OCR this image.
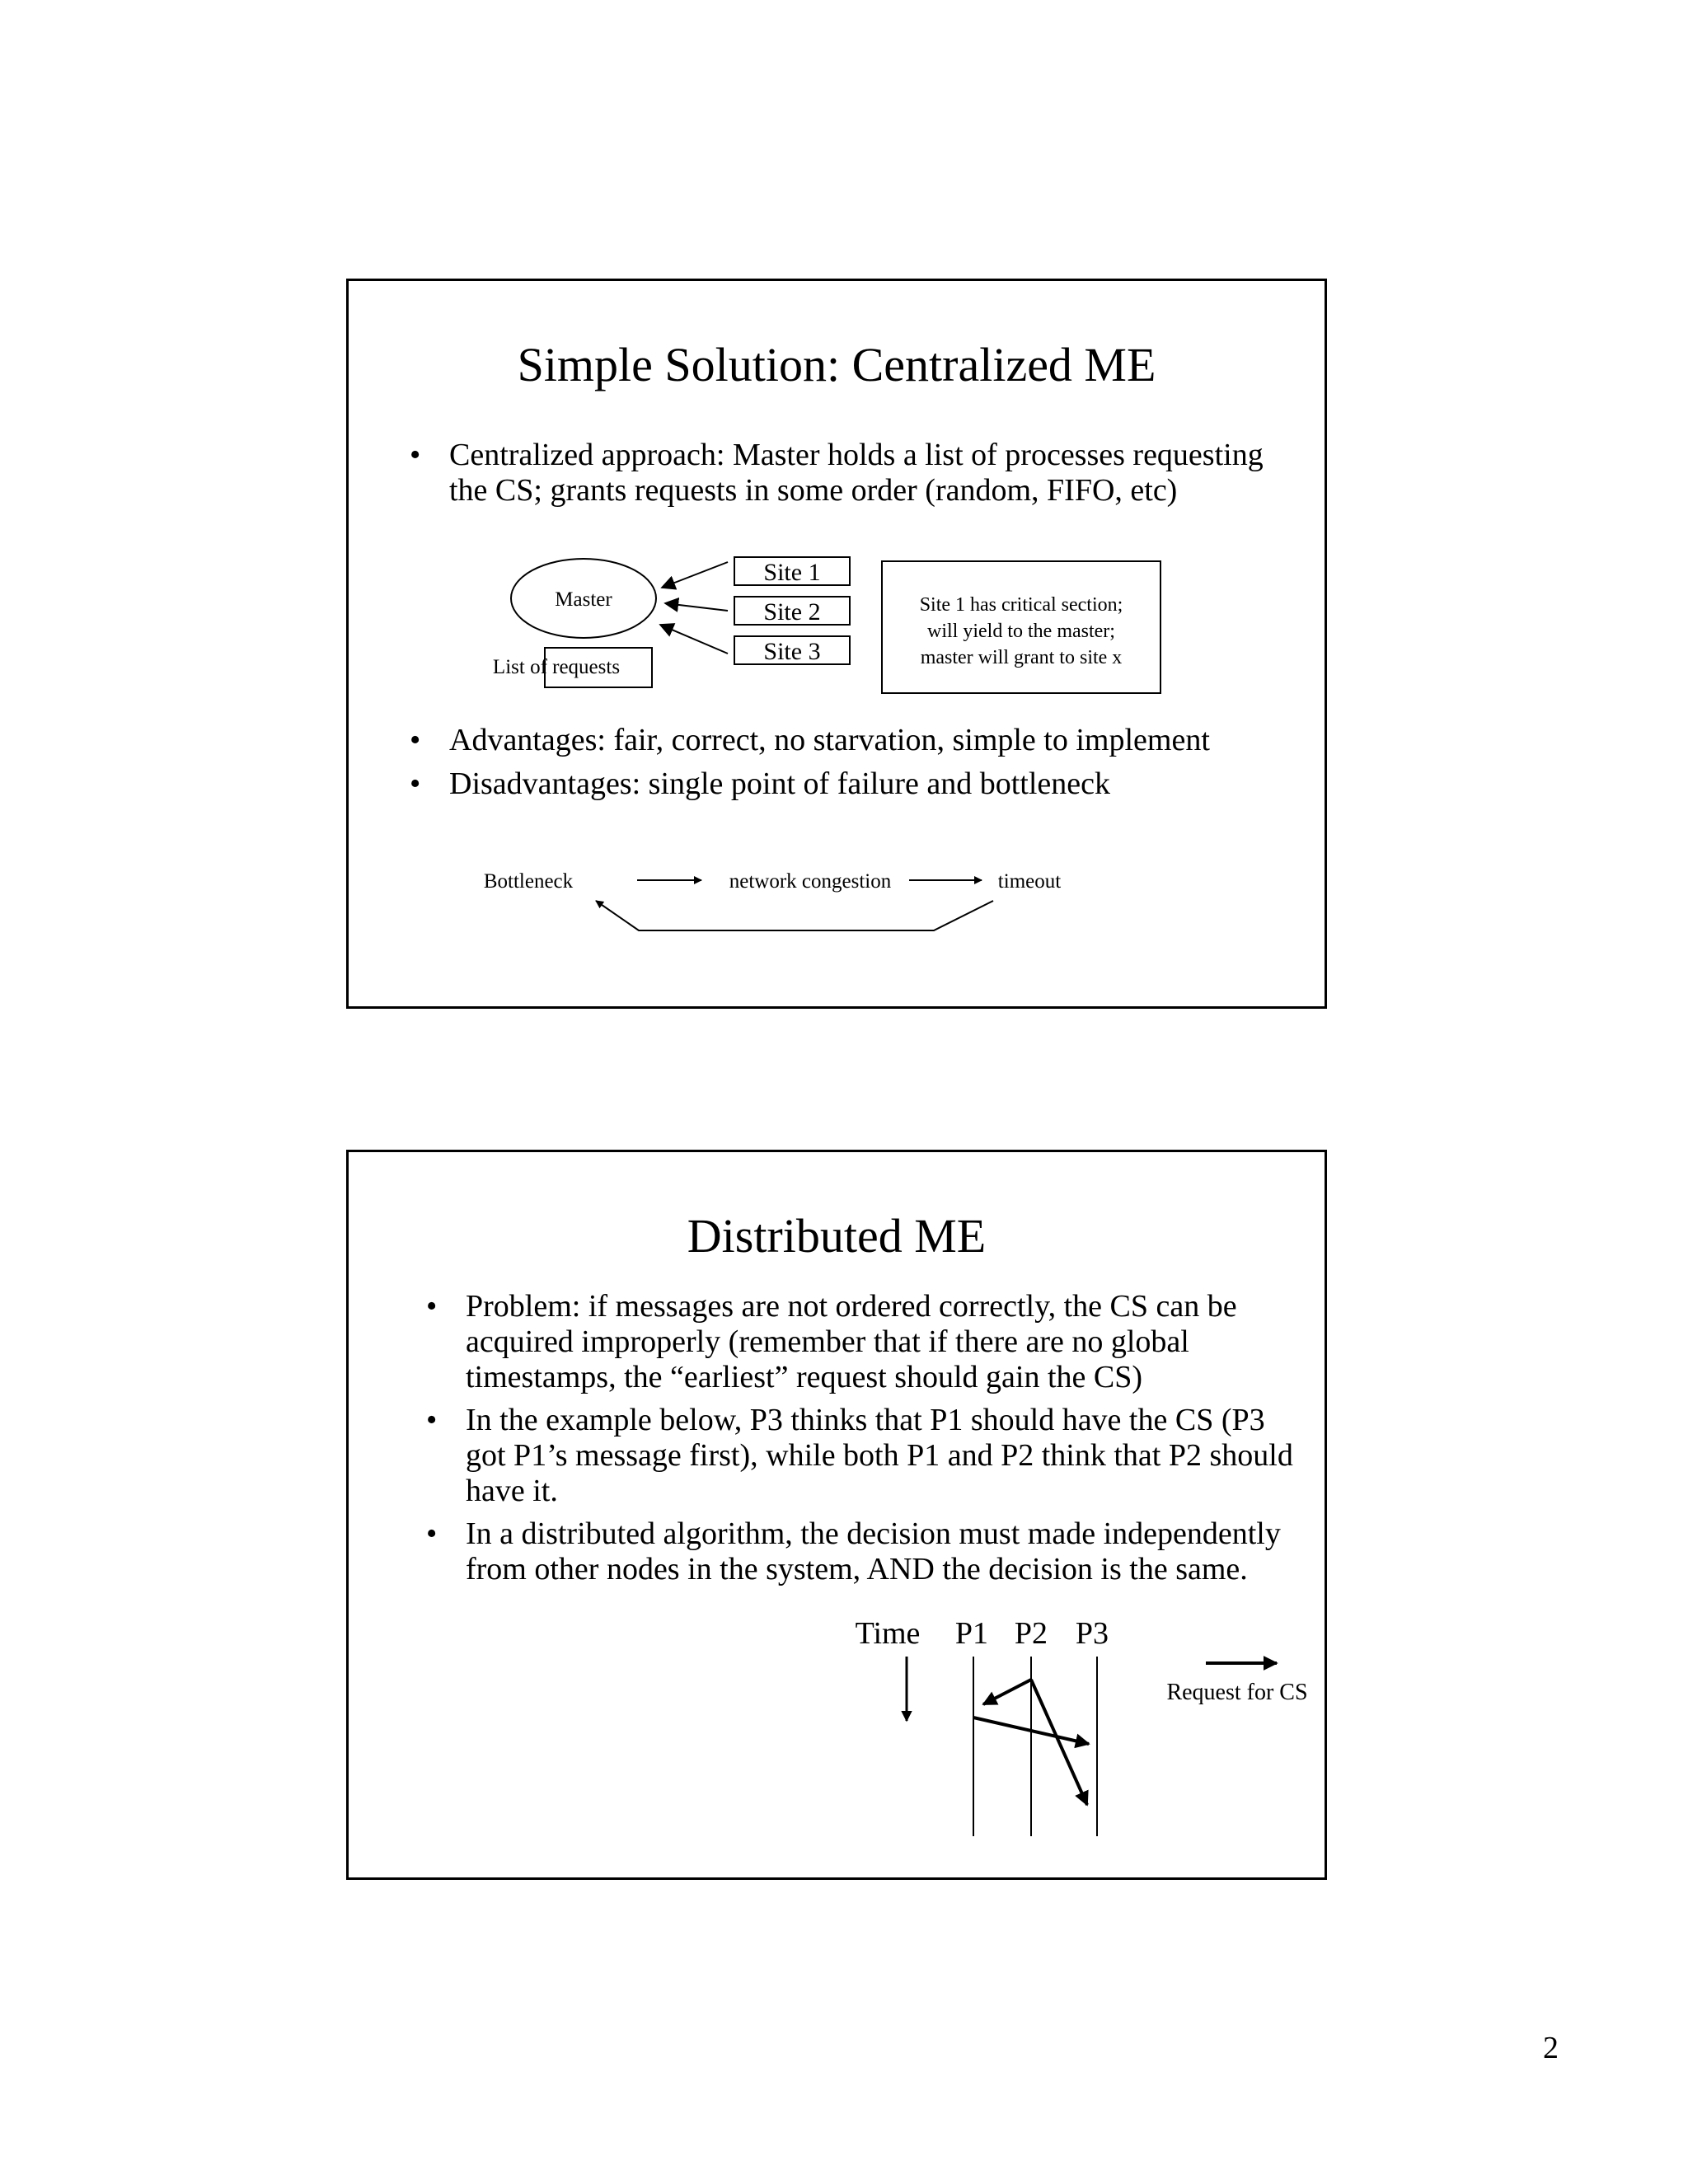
Simple Solution: Centralized ME
• Centralized approach: Master holds a list of processes requesting the CS; grants requests in some order (random, FIFO, etc)
Master
List of requests
Site 1
Site 2
Site 3
Site 1 has critical section;
will yield to the master;
master will grant to site x
• Advantages: fair, correct, no starvation, simple to implement
• Disadvantages: single point of failure and bottleneck
Bottleneck	network congestion	timeout
Distributed ME
• Problem: if messages are not ordered correctly, the CS can be acquired improperly (remember that if there are no global timestamps, the “earliest” request should gain the CS)
• In the example below, P3 thinks that P1 should have the CS (P3 got P1’s message first), while both P1 and P2 think that P2 should have it.
• In a distributed algorithm, the decision must made independently from other nodes in the system, AND the decision is the same.
Time P1 P2 P3
Request for CS
2
